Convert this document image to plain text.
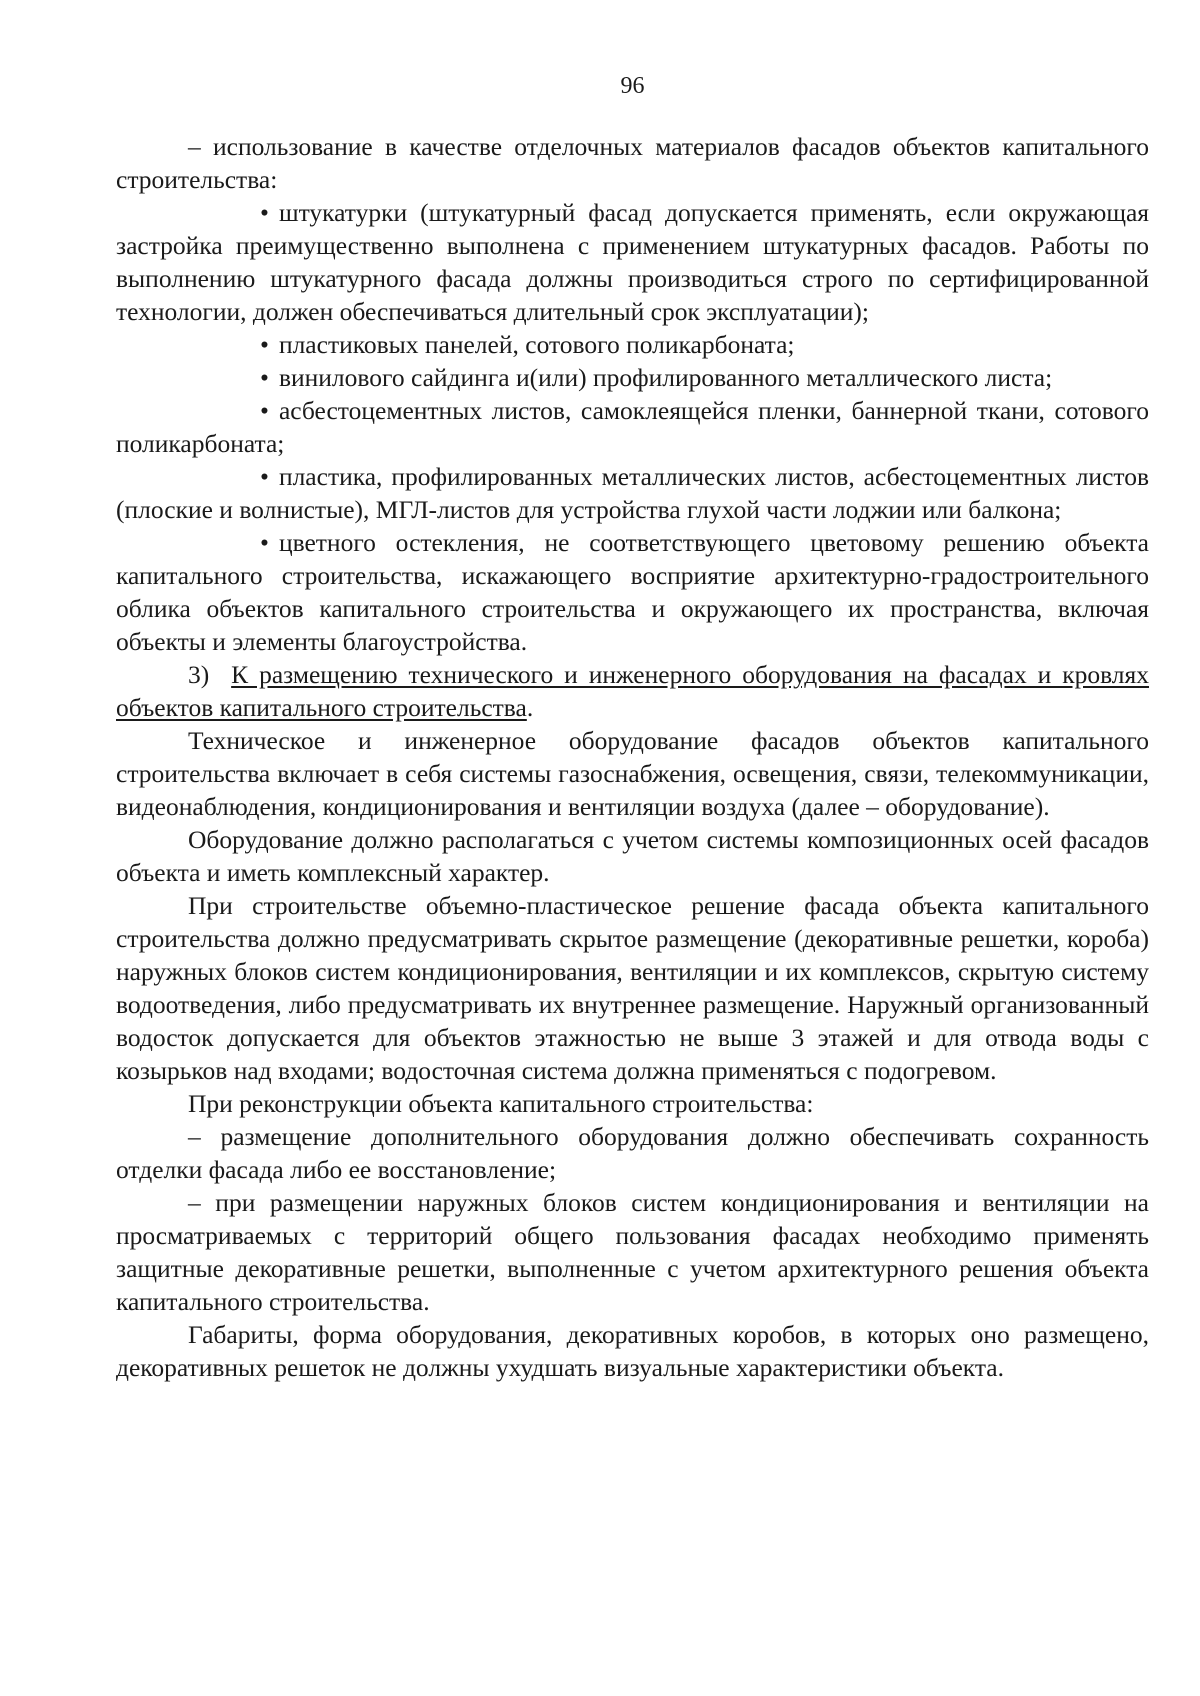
96

– использование в качестве отделочных материалов фасадов объектов капитального строительства:

• штукатурки (штукатурный фасад допускается применять, если окружающая застройка преимущественно выполнена с применением штукатурных фасадов. Работы по выполнению штукатурного фасада должны производиться строго по сертифицированной технологии, должен обеспечиваться длительный срок эксплуатации);

• пластиковых панелей, сотового поликарбоната;

• винилового сайдинга и(или) профилированного металлического листа;

• асбестоцементных листов, самоклеящейся пленки, баннерной ткани, сотового поликарбоната;

• пластика, профилированных металлических листов, асбестоцементных листов (плоские и волнистые), МГЛ-листов для устройства глухой части лоджии или балкона;

• цветного остекления, не соответствующего цветовому решению объекта капитального строительства, искажающего восприятие архитектурно-градостроительного облика объектов капитального строительства и окружающего их пространства, включая объекты и элементы благоустройства.

3) К размещению технического и инженерного оборудования на фасадах и кровлях объектов капитального строительства.

Техническое и инженерное оборудование фасадов объектов капитального строительства включает в себя системы газоснабжения, освещения, связи, телекоммуникации, видеонаблюдения, кондиционирования и вентиляции воздуха (далее – оборудование).

Оборудование должно располагаться с учетом системы композиционных осей фасадов объекта и иметь комплексный характер.

При строительстве объемно-пластическое решение фасада объекта капитального строительства должно предусматривать скрытое размещение (декоративные решетки, короба) наружных блоков систем кондиционирования, вентиляции и их комплексов, скрытую систему водоотведения, либо предусматривать их внутреннее размещение. Наружный организованный водосток допускается для объектов этажностью не выше 3 этажей и для отвода воды с козырьков над входами; водосточная система должна применяться с подогревом.

При реконструкции объекта капитального строительства:

– размещение дополнительного оборудования должно обеспечивать сохранность отделки фасада либо ее восстановление;

– при размещении наружных блоков систем кондиционирования и вентиляции на просматриваемых с территорий общего пользования фасадах необходимо применять защитные декоративные решетки, выполненные с учетом архитектурного решения объекта капитального строительства.

Габариты, форма оборудования, декоративных коробов, в которых оно размещено, декоративных решеток не должны ухудшать визуальные характеристики объекта.
